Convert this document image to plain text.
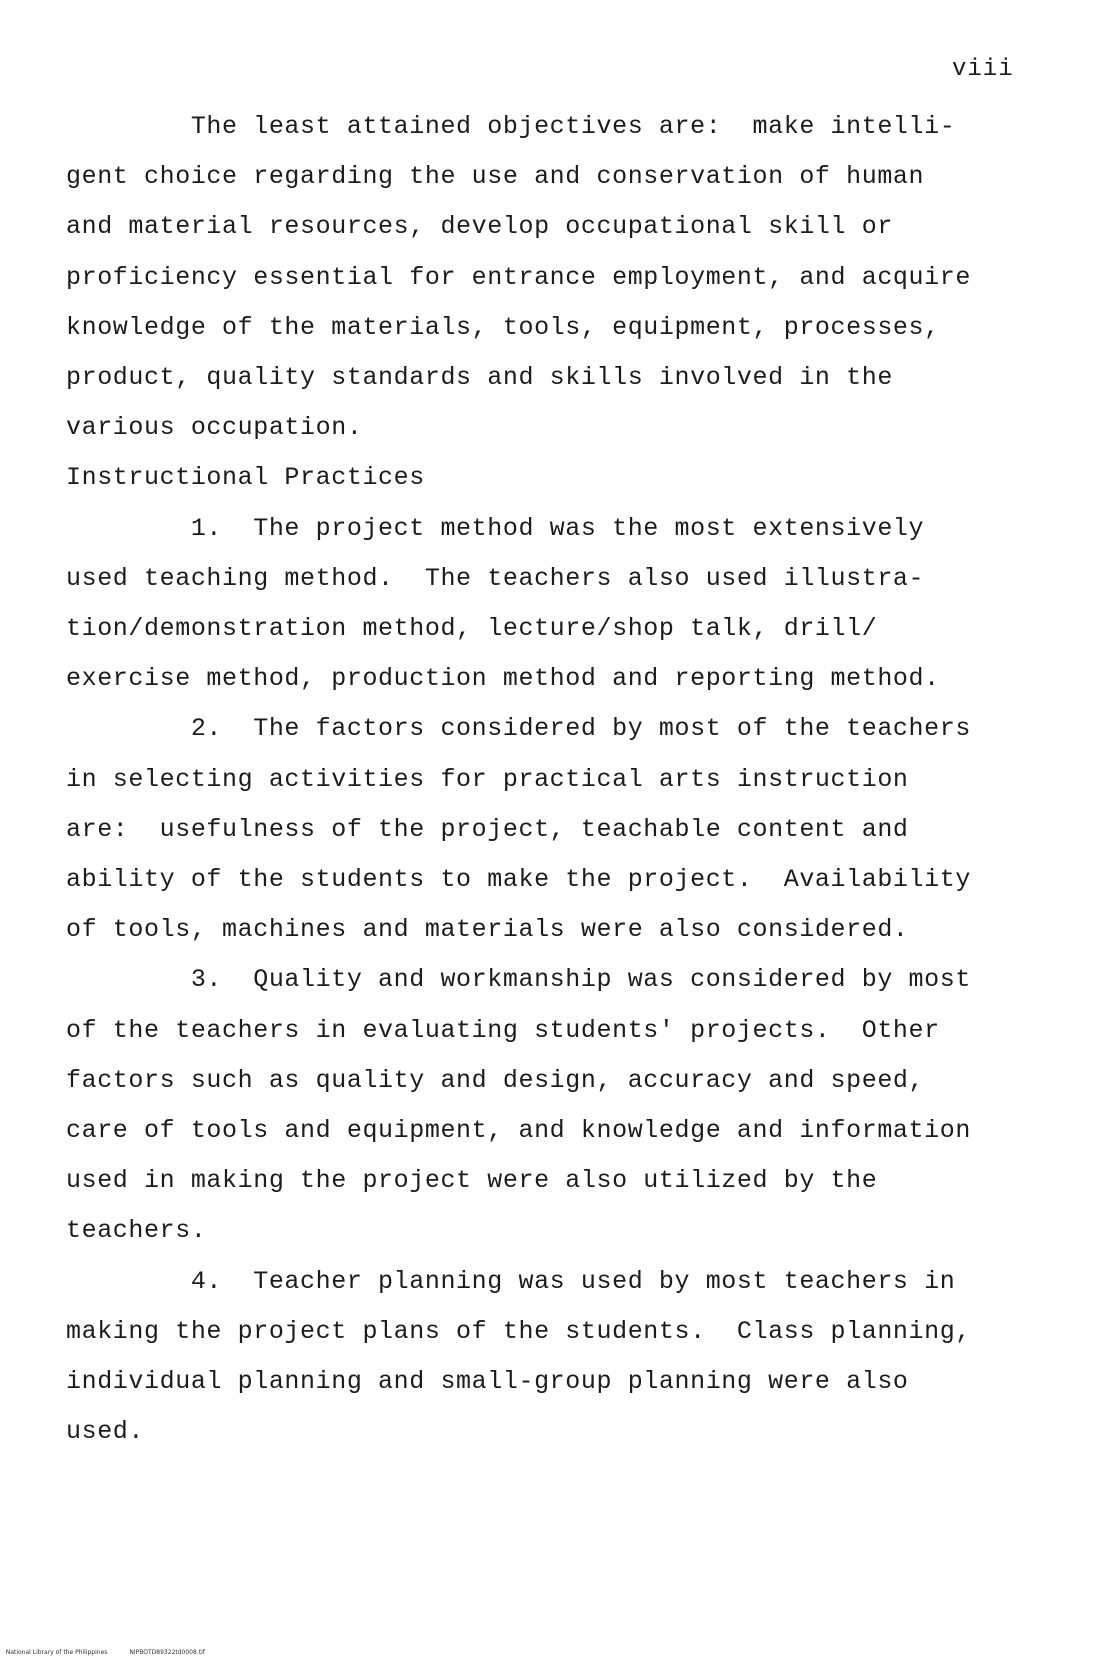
viii
The least attained objectives are:  make intelli-
gent choice regarding the use and conservation of human
and material resources, develop occupational skill or
proficiency essential for entrance employment, and acquire
knowledge of the materials, tools, equipment, processes,
product, quality standards and skills involved in the
various occupation.
Instructional Practices
1.  The project method was the most extensively
used teaching method.  The teachers also used illustra-
tion/demonstration method, lecture/shop talk, drill/
exercise method, production method and reporting method.
2.  The factors considered by most of the teachers
in selecting activities for practical arts instruction
are:  usefulness of the project, teachable content and
ability of the students to make the project.  Availability
of tools, machines and materials were also considered.
3.  Quality and workmanship was considered by most
of the teachers in evaluating students' projects.  Other
factors such as quality and design, accuracy and speed,
care of tools and equipment, and knowledge and information
used in making the project were also utilized by the
teachers.
4.  Teacher planning was used by most teachers in
making the project plans of the students.  Class planning,
individual planning and small-group planning were also
used.

National Library of the Philippines	NIPBOTD89322td0008.tif
